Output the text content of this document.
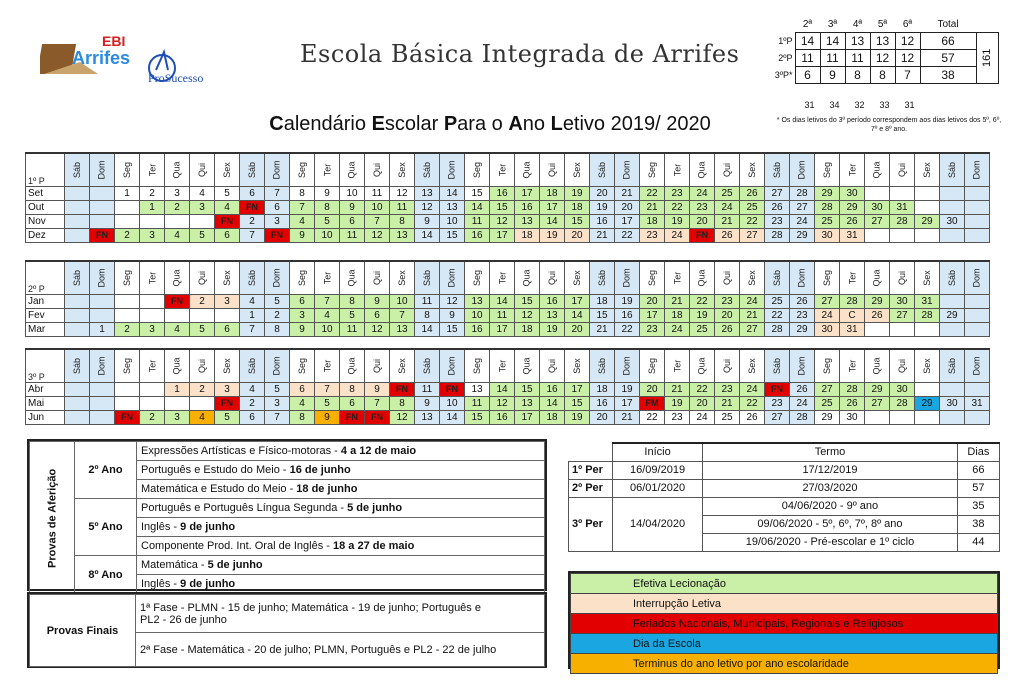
EBI
Arrifes
ProSucesso
Escola Básica Integrada de Arrifes
Calendário Escolar Para o Ano Letivo 2019/ 2020
	2ª	3ª	4ª	5ª	6ª	Total	
1ºP	14	14	13	13	12	66	161
2ºP	11	11	11	12	12	57	
3ºP*	6	9	8	8	7	38	
31 34 32 33 31
* Os dias letivos do 3º período correspondem aos dias letivos dos 5º, 6º, 7º e 8º ano.
1º P	Sáb	Dom	Seg	Ter	Qua	Qui	Sex	Sáb	Dom	Seg	Ter	Qua	Qui	Sex	Sáb	Dom	Seg	Ter	Qua	Qui	Sex	Sáb	Dom	Seg	Ter	Qua	Qui	Sex	Sáb	Dom	Seg	Ter	Qua	Qui	Sex	Sáb	Dom
Set			1	2	3	4	5	6	7	8	9	10	11	12	13	14	15	16	17	18	19	20	21	22	23	24	25	26	27	28	29	30					
Out				1	2	3	4	FN	6	7	8	9	10	11	12	13	14	15	16	17	18	19	20	21	22	23	24	25	26	27	28	29	30	31			
Nov							FN	2	3	4	5	6	7	8	9	10	11	12	13	14	15	16	17	18	19	20	21	22	23	24	25	26	27	28	29	30	
Dez		FN	2	3	4	5	6	7	FN	9	10	11	12	13	14	15	16	17	18	19	20	21	22	23	24	FN	26	27	28	29	30	31					
2º P	Sáb	Dom	Seg	Ter	Qua	Qui	Sex	Sáb	Dom	Seg	Ter	Qua	Qui	Sex	Sáb	Dom	Seg	Ter	Qua	Qui	Sex	Sáb	Dom	Seg	Ter	Qua	Qui	Sex	Sáb	Dom	Seg	Ter	Qua	Qui	Sex	Sáb	Dom
Jan					FN	2	3	4	5	6	7	8	9	10	11	12	13	14	15	16	17	18	19	20	21	22	23	24	25	26	27	28	29	30	31		
Fev								1	2	3	4	5	6	7	8	9	10	11	12	13	14	15	16	17	18	19	20	21	22	23	24	C	26	27	28	29	
Mar		1	2	3	4	5	6	7	8	9	10	11	12	13	14	15	16	17	18	19	20	21	22	23	24	25	26	27	28	29	30	31					
3º P	Sáb	Dom	Seg	Ter	Qua	Qui	Sex	Sáb	Dom	Seg	Ter	Qua	Qui	Sex	Sáb	Dom	Seg	Ter	Qua	Qui	Sex	Sáb	Dom	Seg	Ter	Qua	Qui	Sex	Sáb	Dom	Seg	Ter	Qua	Qui	Sex	Sáb	Dom
Abr					1	2	3	4	5	6	7	8	9	FN	11	FN	13	14	15	16	17	18	19	20	21	22	23	24	FN	26	27	28	29	30			
Mai							FN	2	3	4	5	6	7	8	9	10	11	12	13	14	15	16	17	FM	19	20	21	22	23	24	25	26	27	28	29	30	31
Jun			FN	2	3	4	5	6	7	8	9	FN	FN	12	13	14	15	16	17	18	19	20	21	22	23	24	25	26	27	28	29	30					
Provas de Aferição	2º Ano	Expressões Artísticas e Físico-motoras - 4 a 12 de maio
		Português e Estudo do Meio - 16 de junho
		Matemática e Estudo do Meio - 18 de junho
	5º Ano	Português e Português Língua Segunda - 5 de junho
		Inglês - 9 de junho
		Componente Prod. Int. Oral de Inglês - 18 a 27 de maio
	8º Ano	Matemática - 5 de junho
		Inglês - 9 de junho
Provas Finais	
1ª Fase - PLMN - 15 de junho; Matemática - 19 de junho; Português e
PL2 - 26 de junho

2ª Fase - Matemática - 20 de julho; PLMN, Português e PL2 - 22 de julho
	Início	Termo	Dias
1º Per	16/09/2019	17/12/2019	66
2º Per	06/01/2020	27/03/2020	57
3º Per	14/04/2020	04/06/2020 - 9º ano	35
		09/06/2020 - 5º, 6º, 7º, 8º ano	38
		19/06/2020 - Pré-escolar e 1º ciclo	44
Efetiva Lecionação
Interrupção Letiva
Feriados Nacionais, Municipais, Regionais e Religiosos
Dia da Escola
Terminus do ano letivo por ano escolaridade
